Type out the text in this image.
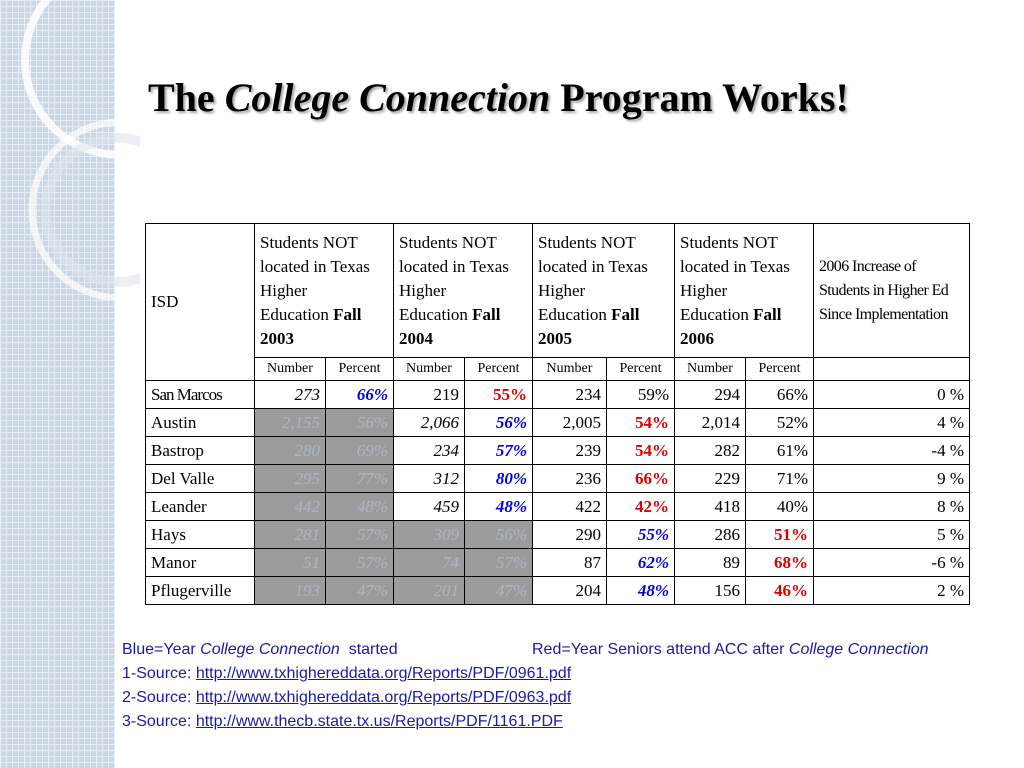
The College Connection Program Works!
ISD	Students NOT
located in Texas
Higher
Education Fall
2003		Students NOT
located in Texas
Higher
Education Fall
2004		Students NOT
located in Texas
Higher
Education Fall
2005		Students NOT
located in Texas
Higher
Education Fall
2006		2006 Increase of Students in Higher Ed Since Implementation
	Number	Percent	Number	Percent	Number	Percent	Number	Percent	
San Marcos	273	66%	219	55%	234	59%	294	66%	0 %
Austin	2,155	56%	2,066	56%	2,005	54%	2,014	52%	4 %
Bastrop	280	69%	234	57%	239	54%	282	61%	-4 %
Del Valle	295	77%	312	80%	236	66%	229	71%	9 %
Leander	442	48%	459	48%	422	42%	418	40%	8 %
Hays	281	57%	309	56%	290	55%	286	51%	5 %
Manor	51	57%	74	57%	87	62%	89	68%	-6 %
Pflugerville	193	47%	201	47%	204	48%	156	46%	2 %
Blue=Year College Connection  started	Red=Year Seniors attend ACC after College Connection
1-Source: http://www.txhighereddata.org/Reports/PDF/0961.pdf
2-Source: http://www.txhighereddata.org/Reports/PDF/0963.pdf
3-Source: http://www.thecb.state.tx.us/Reports/PDF/1161.PDF
